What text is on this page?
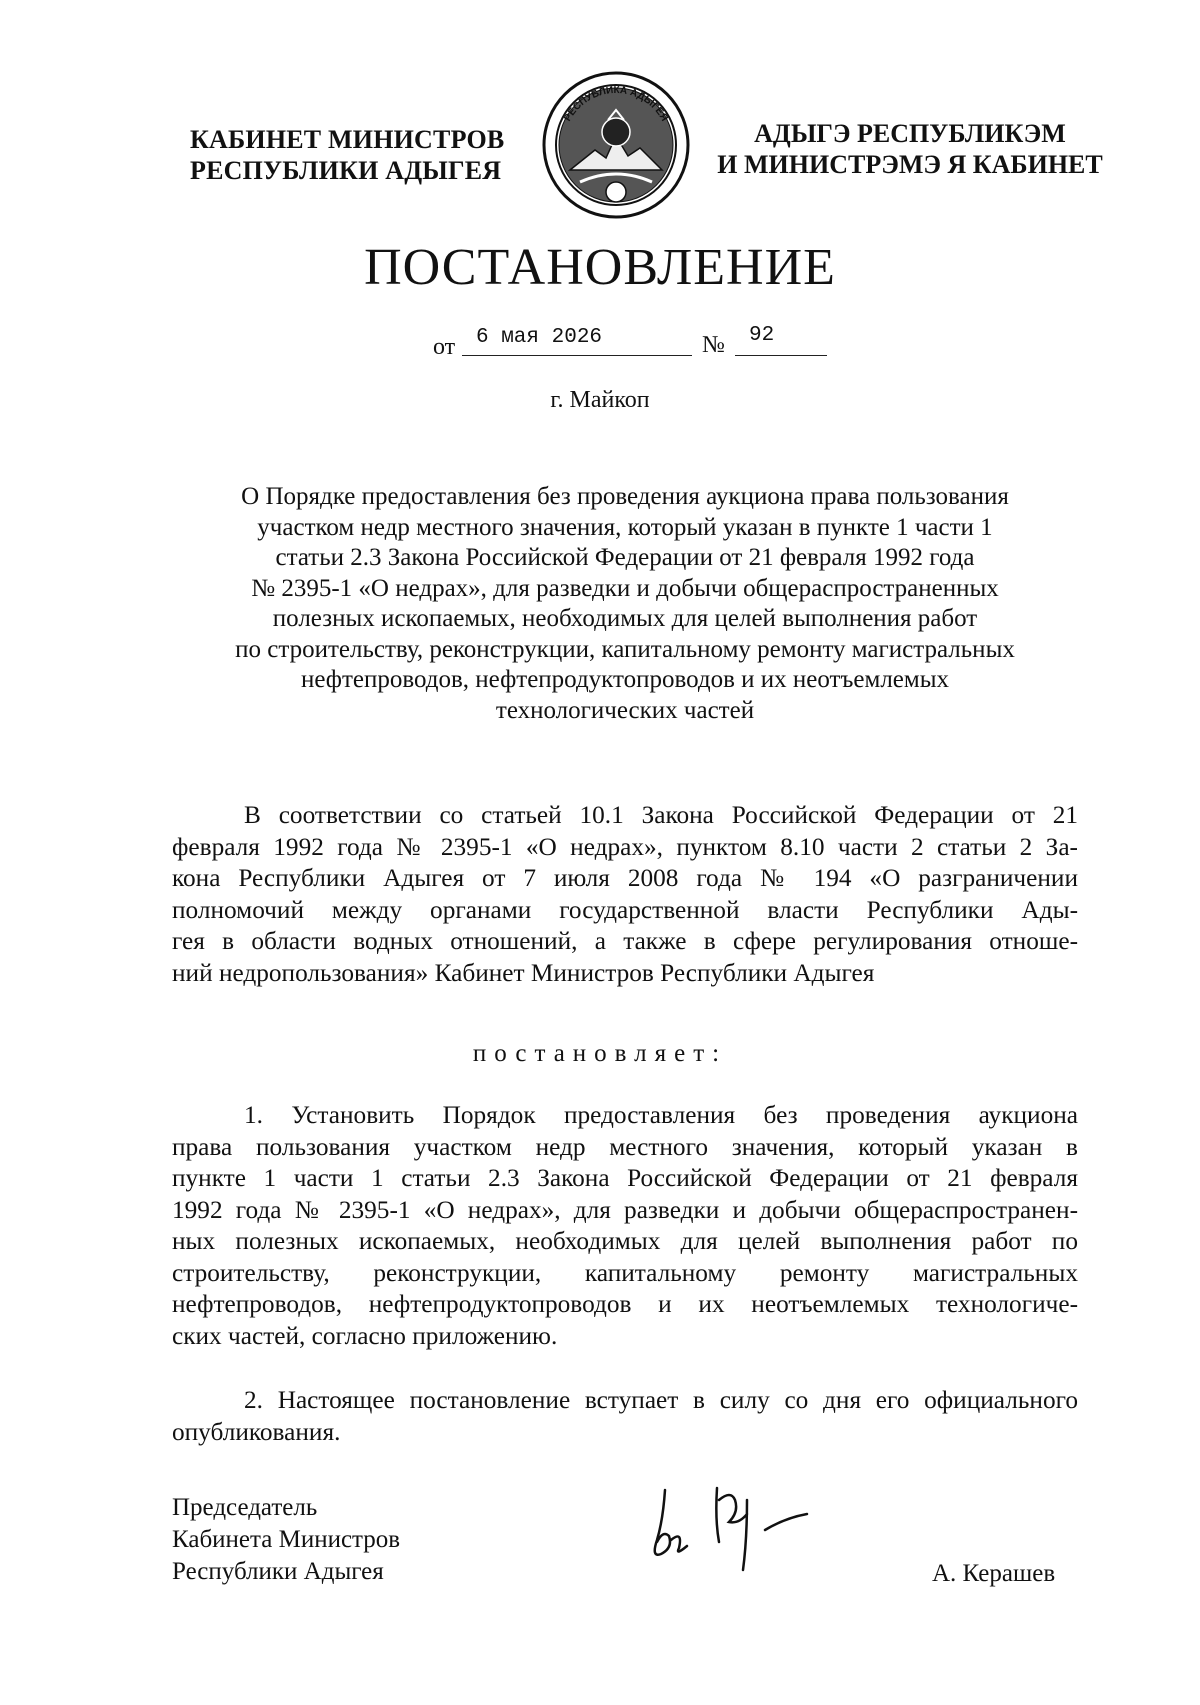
КАБИНЕТ МИНИСТРОВ
РЕСПУБЛИКИ АДЫГЕЯ
РЕСПУБЛИКА АДЫГЕЯ
АДЫГЭ РЕСПУБЛИКЭМ
И МИНИСТРЭМЭ Я КАБИНЕТ
ПОСТАНОВЛЕНИЕ
от 6 мая 2026	№	92
г. Майкоп
О Порядке предоставления без проведения аукциона права пользования
участком недр местного значения, который указан в пункте 1 части 1
статьи 2.3 Закона Российской Федерации от 21 февраля 1992 года
№ 2395-1 «О недрах», для разведки и добычи общераспространенных
полезных ископаемых, необходимых для целей выполнения работ
по строительству, реконструкции, капитальному ремонту магистральных
нефтепроводов, нефтепродуктопроводов и их неотъемлемых
технологических частей
В соответствии со статьей 10.1 Закона Российской Федерации от 21
февраля 1992 года № 2395-1 «О недрах», пунктом 8.10 части 2 статьи 2 За-
кона Республики Адыгея от 7 июля 2008 года № 194 «О разграничении
полномочий между органами государственной власти Республики Ады-
гея в области водных отношений, а также в сфере регулирования отноше-
ний недропользования» Кабинет Министров Республики Адыгея
постановляет:
1. Установить Порядок предоставления без проведения аукциона
права пользования участком недр местного значения, который указан в
пункте 1 части 1 статьи 2.3 Закона Российской Федерации от 21 февраля
1992 года № 2395-1 «О недрах», для разведки и добычи общераспространен-
ных полезных ископаемых, необходимых для целей выполнения работ по
строительству, реконструкции, капитальному ремонту магистральных
нефтепроводов, нефтепродуктопроводов и их неотъемлемых технологиче-
ских частей, согласно приложению.
2. Настоящее постановление вступает в силу со дня его официального
опубликования.
Председатель
Кабинета Министров
Республики Адыгея	А. Керашев
